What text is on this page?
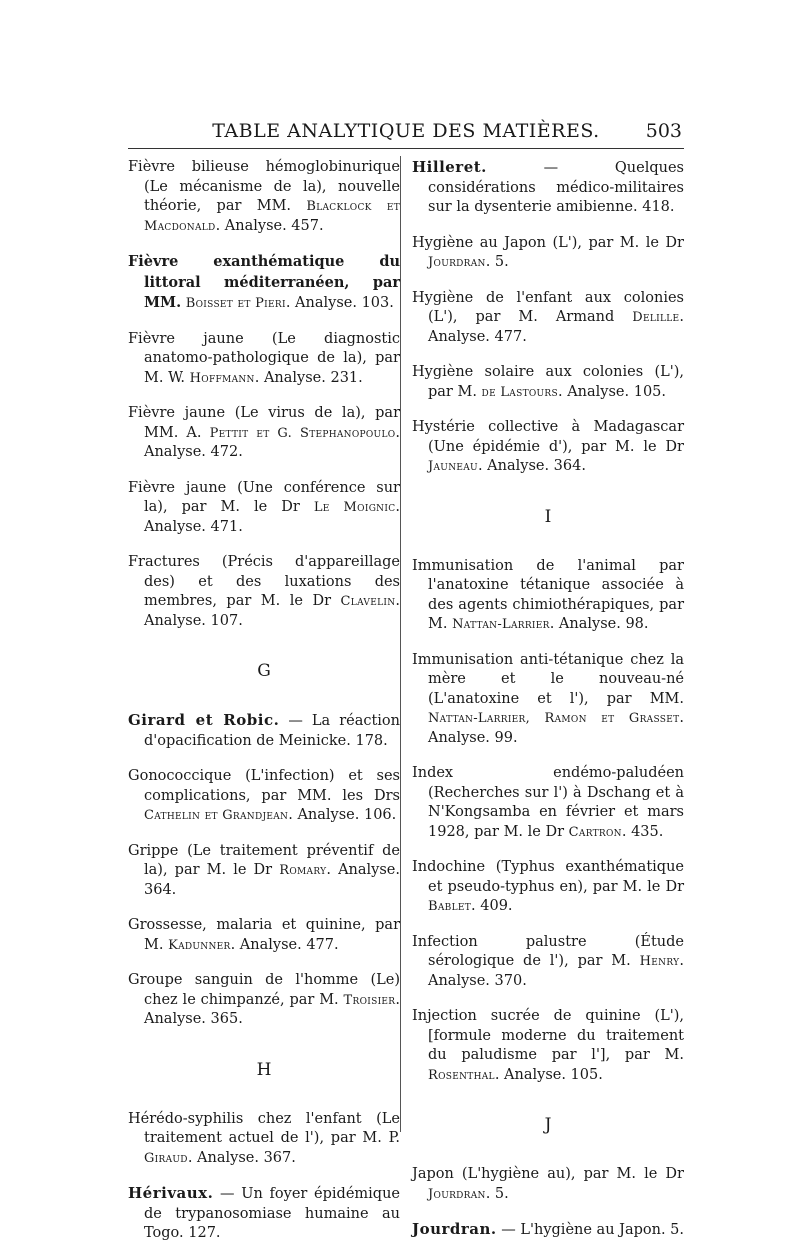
TABLE ANALYTIQUE DES MATIÈRES.	503

Fièvre bilieuse hémoglobinurique (Le mécanisme de la), nouvelle théorie, par MM. Blacklock et Macdonald. Analyse. 457.

Fièvre exanthématique du littoral méditerranéen, par MM. Boisset et Pieri. Analyse. 103.

Fièvre jaune (Le diagnostic anatomo-pathologique de la), par M. W. Hoffmann. Analyse. 231.

Fièvre jaune (Le virus de la), par MM. A. Pettit et G. Stephanopoulo. Analyse. 472.

Fièvre jaune (Une conférence sur la), par M. le Dr Le Moignic. Analyse. 471.

Fractures (Précis d'appareillage des) et des luxations des membres, par M. le Dr Clavelin. Analyse. 107.

G

Girard et Robic. — La réaction d'opacification de Meinicke. 178.

Gonococcique (L'infection) et ses complications, par MM. les Drs Cathelin et Grandjean. Analyse. 106.

Grippe (Le traitement préventif de la), par M. le Dr Romary. Analyse. 364.

Grossesse, malaria et quinine, par M. Kadunner. Analyse. 477.

Groupe sanguin de l'homme (Le) chez le chimpanzé, par M. Troisier. Analyse. 365.

H

Hérédo-syphilis chez l'enfant (Le traitement actuel de l'), par M. P. Giraud. Analyse. 367.

Hérivaux. — Un foyer épidémique de trypanosomiase humaine au Togo. 127.

Hilleret. — Quelques considérations médico-militaires sur la dysenterie amibienne. 418.

Hygiène au Japon (L'), par M. le Dr Jourdran. 5.

Hygiène de l'enfant aux colonies (L'), par M. Armand Delille. Analyse. 477.

Hygiène solaire aux colonies (L'), par M. de Lastours. Analyse. 105.

Hystérie collective à Madagascar (Une épidémie d'), par M. le Dr Jauneau. Analyse. 364.

I

Immunisation de l'animal par l'anatoxine tétanique associée à des agents chimiothérapiques, par M. Nattan-Larrier. Analyse. 98.

Immunisation anti-tétanique chez la mère et le nouveau-né (L'anatoxine et l'), par MM. Nattan-Larrier, Ramon et Grasset. Analyse. 99.

Index endémo-paludéen (Recherches sur l') à Dschang et à N'Kongsamba en février et mars 1928, par M. le Dr Cartron. 435.

Indochine (Typhus exanthématique et pseudo-typhus en), par M. le Dr Bablet. 409.

Infection palustre (Étude sérologique de l'), par M. Henry. Analyse. 370.

Injection sucrée de quinine (L'), [formule moderne du traitement du paludisme par l'], par M. Rosenthal. Analyse. 105.

J

Japon (L'hygiène au), par M. le Dr Jourdran. 5.

Jourdran. — L'hygiène au Japon. 5.
